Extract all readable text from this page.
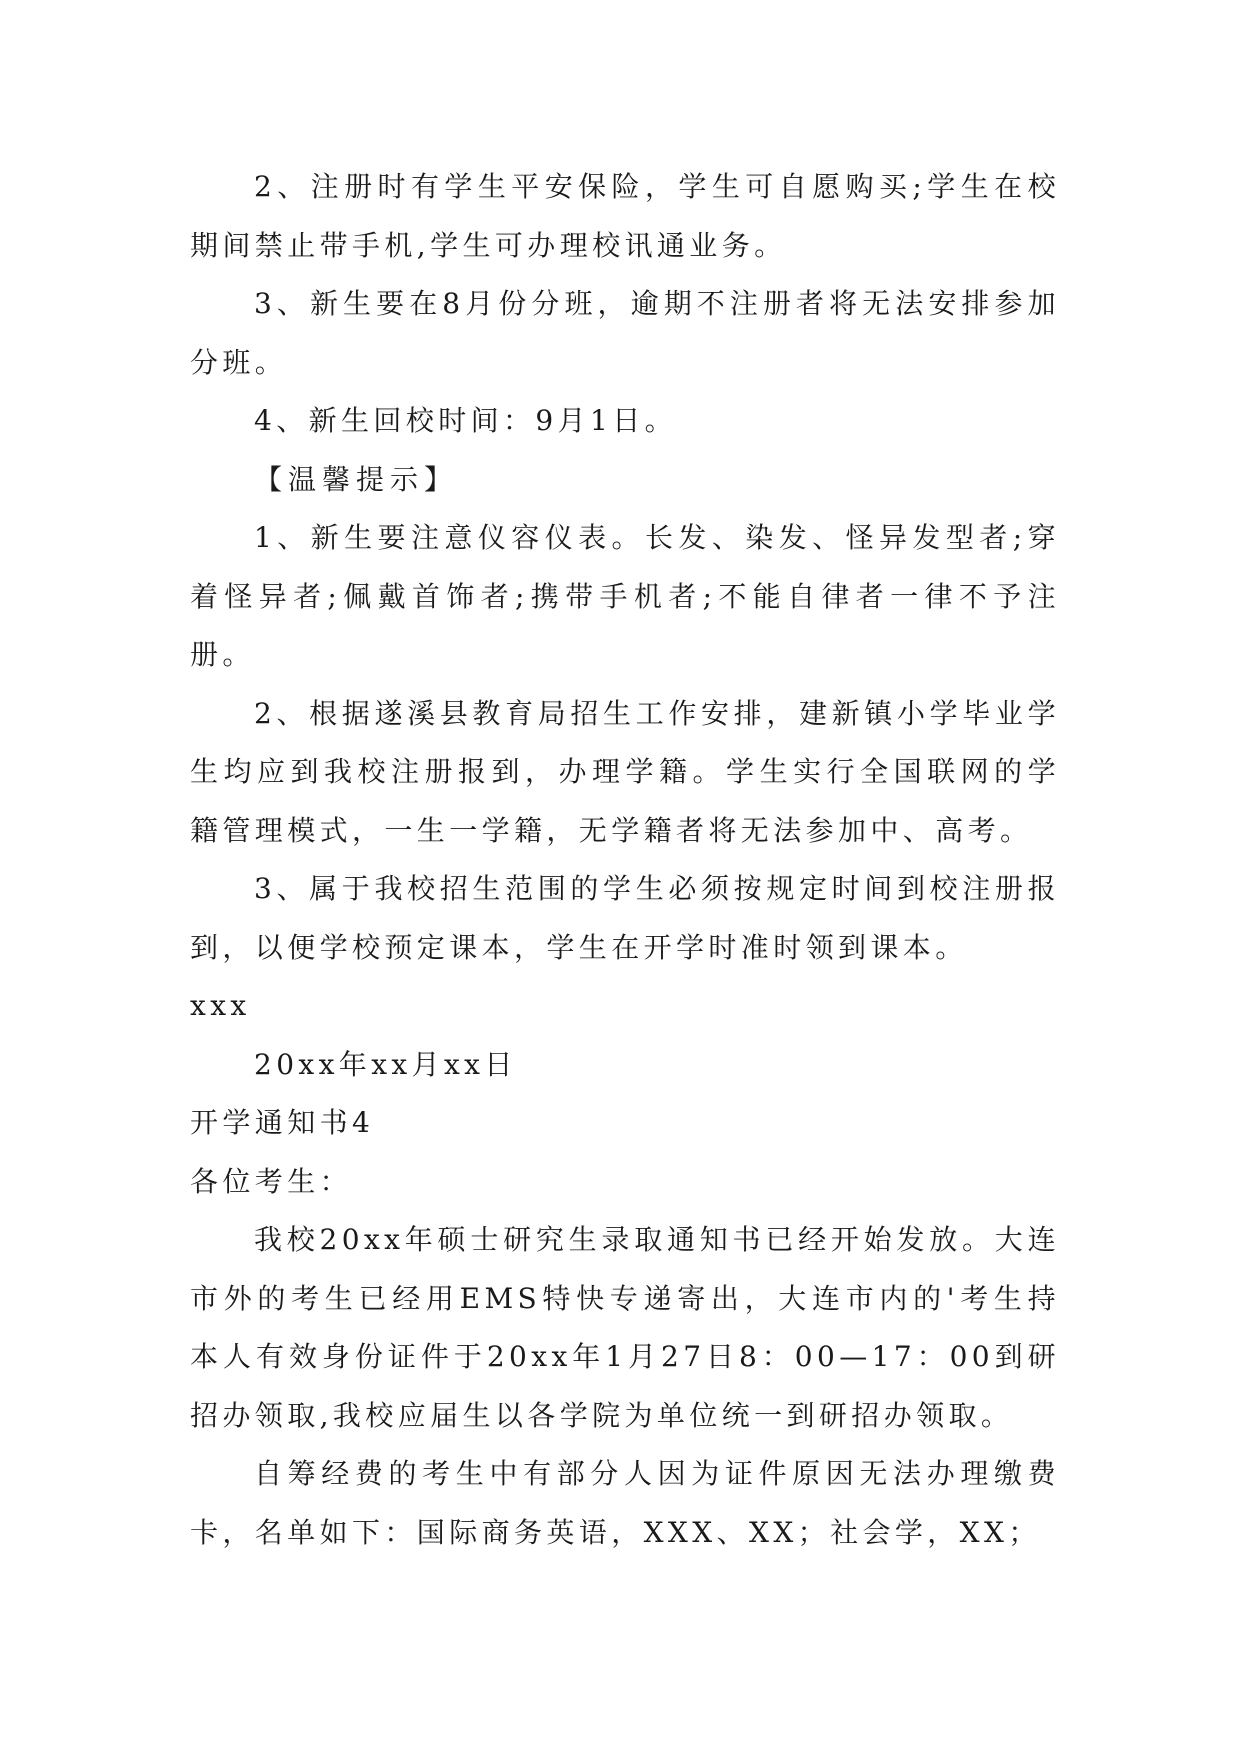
2、注册时有学生平安保险，学生可自愿购买;学生在校期间禁止带手机,学生可办理校讯通业务。

3、新生要在8月份分班，逾期不注册者将无法安排参加分班。

4、新生回校时间：9月1日。

【温馨提示】

1、新生要注意仪容仪表。长发、染发、怪异发型者;穿着怪异者;佩戴首饰者;携带手机者;不能自律者一律不予注册。

2、根据遂溪县教育局招生工作安排，建新镇小学毕业学生均应到我校注册报到，办理学籍。学生实行全国联网的学籍管理模式，一生一学籍，无学籍者将无法参加中、高考。

3、属于我校招生范围的学生必须按规定时间到校注册报到，以便学校预定课本，学生在开学时准时领到课本。

xxx

20xx年xx月xx日

开学通知书4

各位考生：

我校20xx年硕士研究生录取通知书已经开始发放。大连市外的考生已经用EMS特快专递寄出，大连市内的'考生持本人有效身份证件于20xx年1月27日8：00—17：00到研招办领取,我校应届生以各学院为单位统一到研招办领取。

自筹经费的考生中有部分人因为证件原因无法办理缴费卡，名单如下：国际商务英语，XXX、XX；社会学，XX；
